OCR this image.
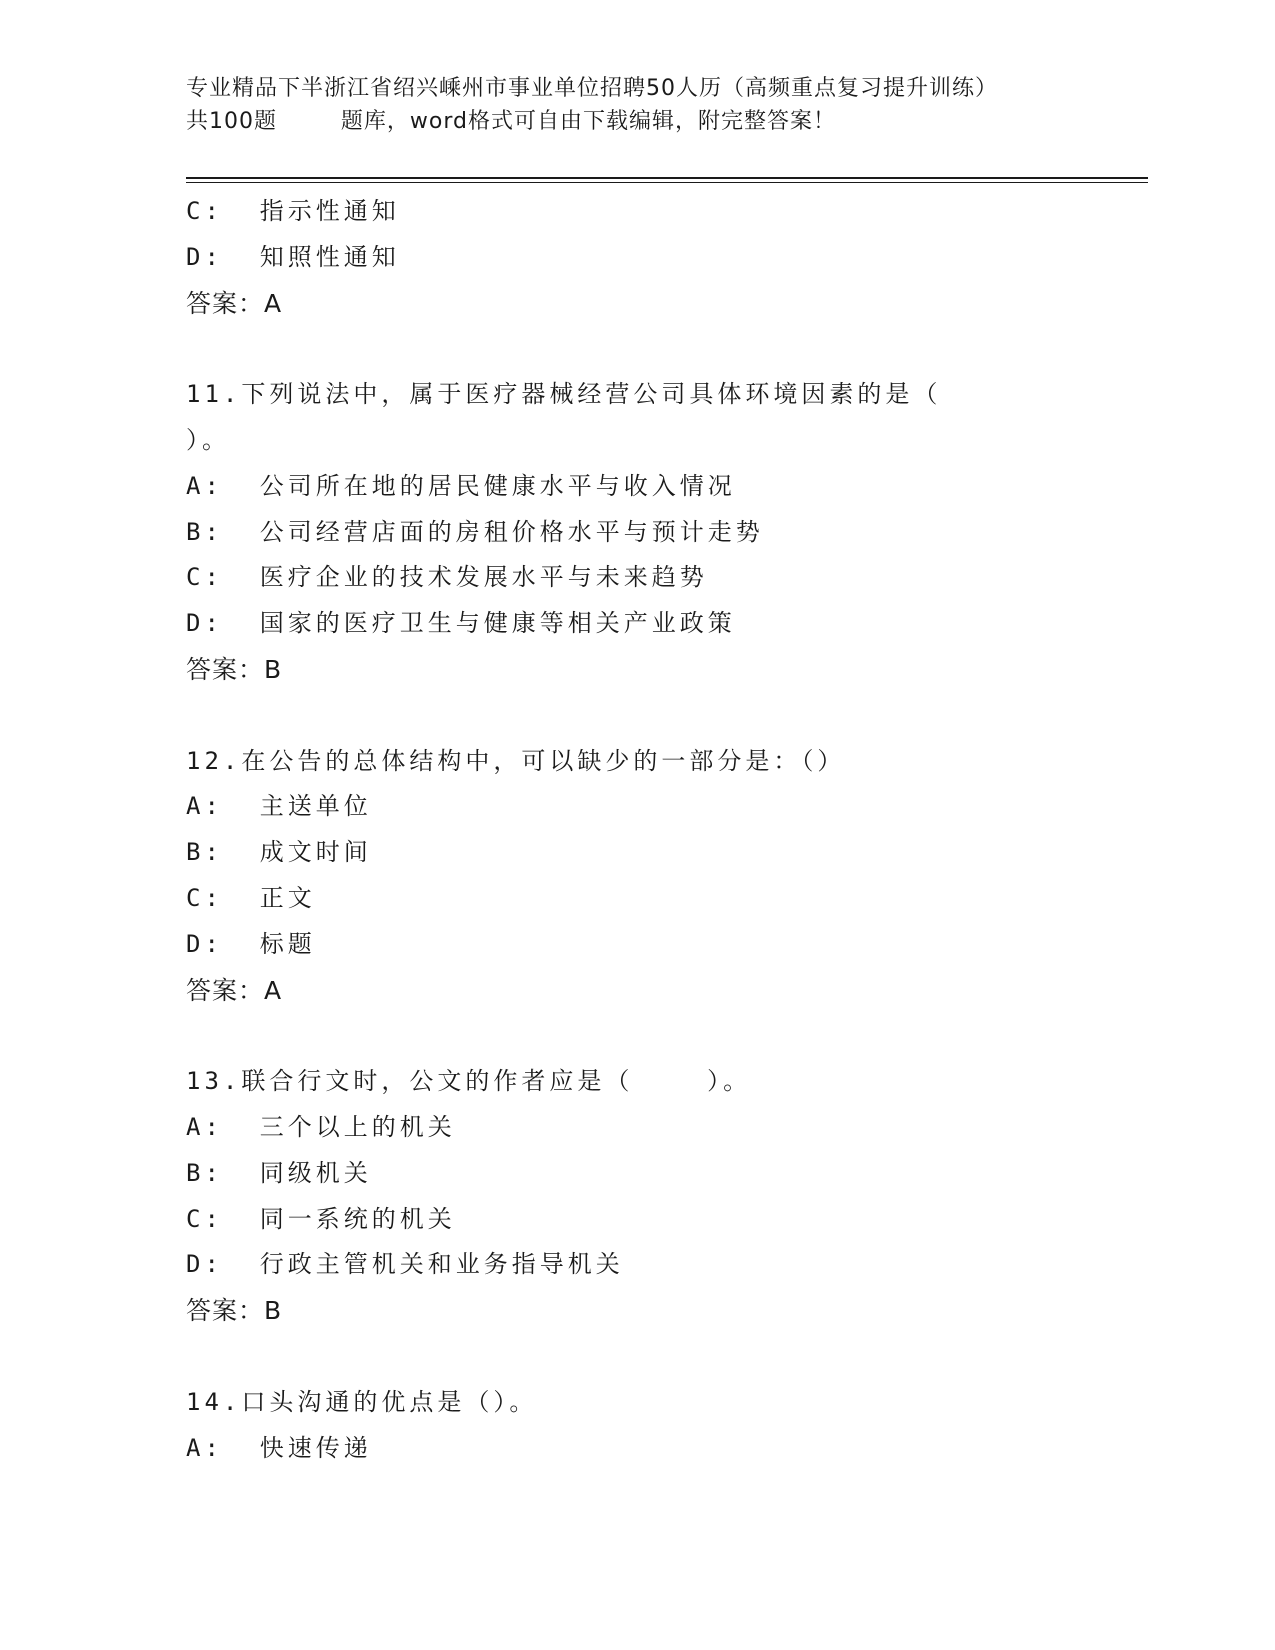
专业精品下半浙江省绍兴嵊州市事业单位招聘50人历（高频重点复习提升训练）
共100题        题库，word格式可自由下载编辑，附完整答案！
C:  指示性通知
D:  知照性通知
答案：A
11.下列说法中，属于医疗器械经营公司具体环境因素的是（
）。
A:  公司所在地的居民健康水平与收入情况
B:  公司经营店面的房租价格水平与预计走势
C:  医疗企业的技术发展水平与未来趋势
D:  国家的医疗卫生与健康等相关产业政策
答案：B
12.在公告的总体结构中，可以缺少的一部分是：（）
A:  主送单位
B:  成文时间
C:  正文
D:  标题
答案：A
13.联合行文时，公文的作者应是（    ）。
A:  三个以上的机关
B:  同级机关
C:  同一系统的机关
D:  行政主管机关和业务指导机关
答案：B
14.口头沟通的优点是（）。
A:  快速传递
